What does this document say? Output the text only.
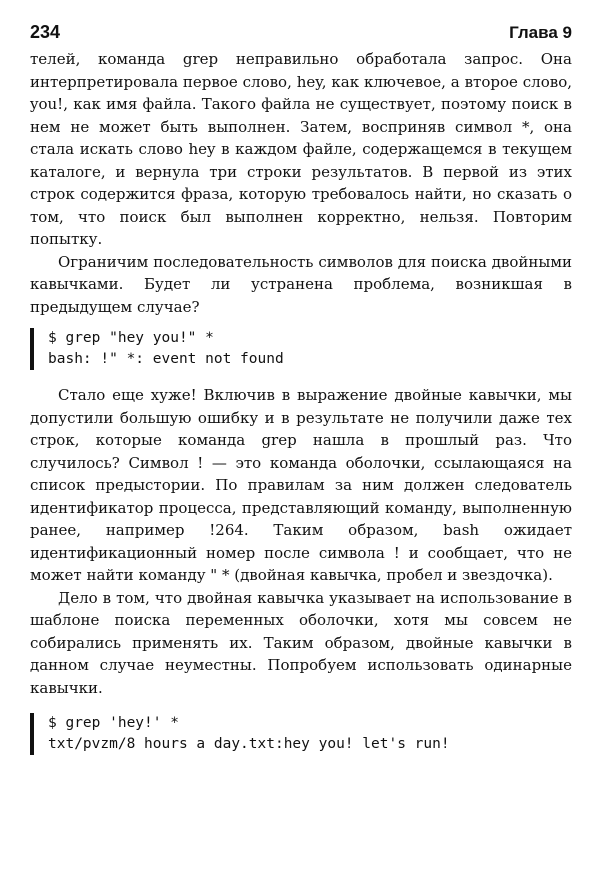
234	Глава 9

телей, команда grep неправильно обработала запрос. Она интерпретировала первое слово, hey, как ключевое, а второе слово, you!, как имя файла. Такого файла не существует, поэтому поиск в нем не может быть выполнен. Затем, восприняв символ *, она стала искать слово hey в каждом файле, содержащемся в текущем каталоге, и вернула три строки результатов. В первой из этих строк содержится фраза, которую требовалось найти, но сказать о том, что поиск был выполнен корректно, нельзя. Повторим попытку.

Ограничим последовательность символов для поиска двойными кавычками. Будет ли устранена проблема, возникшая в предыдущем случае?

$ grep "hey you!" *
bash: !" *: event not found

Стало еще хуже! Включив в выражение двойные кавычки, мы допустили большую ошибку и в результате не получили даже тех строк, которые команда grep нашла в прошлый раз. Что случилось? Символ ! — это команда оболочки, ссылающаяся на список предыстории. По правилам за ним должен следователь идентификатор процесса, представляющий команду, выполненную ранее, например !264. Таким образом, bash ожидает идентификационный номер после символа ! и сообщает, что не может найти команду " * (двойная кавычка, пробел и звездочка).

Дело в том, что двойная кавычка указывает на использование в шаблоне поиска переменных оболочки, хотя мы совсем не собирались применять их. Таким образом, двойные кавычки в данном случае неуместны. Попробуем использовать одинарные кавычки.

$ grep 'hey!' *
txt/pvzm/8 hours a day.txt:hey you! let's run!
